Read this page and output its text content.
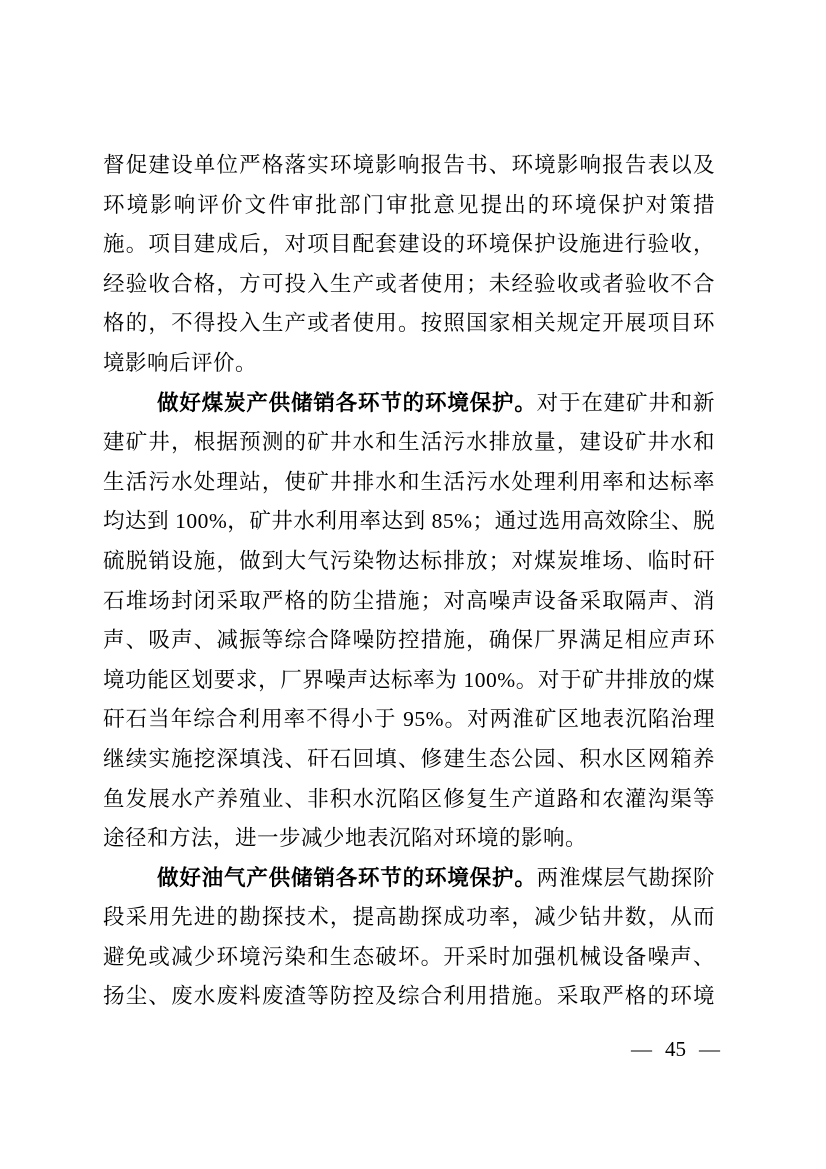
督促建设单位严格落实环境影响报告书、环境影响报告表以及
环境影响评价文件审批部门审批意见提出的环境保护对策措
施。项目建成后，对项目配套建设的环境保护设施进行验收，
经验收合格，方可投入生产或者使用；未经验收或者验收不合
格的，不得投入生产或者使用。按照国家相关规定开展项目环
境影响后评价。
做好煤炭产供储销各环节的环境保护。对于在建矿井和新
建矿井，根据预测的矿井水和生活污水排放量，建设矿井水和
生活污水处理站，使矿井排水和生活污水处理利用率和达标率
均达到 100%，矿井水利用率达到 85%；通过选用高效除尘、脱
硫脱销设施，做到大气污染物达标排放；对煤炭堆场、临时矸
石堆场封闭采取严格的防尘措施；对高噪声设备采取隔声、消
声、吸声、减振等综合降噪防控措施，确保厂界满足相应声环
境功能区划要求，厂界噪声达标率为 100%。对于矿井排放的煤
矸石当年综合利用率不得小于 95%。对两淮矿区地表沉陷治理
继续实施挖深填浅、矸石回填、修建生态公园、积水区网箱养
鱼发展水产养殖业、非积水沉陷区修复生产道路和农灌沟渠等
途径和方法，进一步减少地表沉陷对环境的影响。
做好油气产供储销各环节的环境保护。两淮煤层气勘探阶
段采用先进的勘探技术，提高勘探成功率，减少钻井数，从而
避免或减少环境污染和生态破坏。开采时加强机械设备噪声、
扬尘、废水废料废渣等防控及综合利用措施。采取严格的环境
— 45 —
